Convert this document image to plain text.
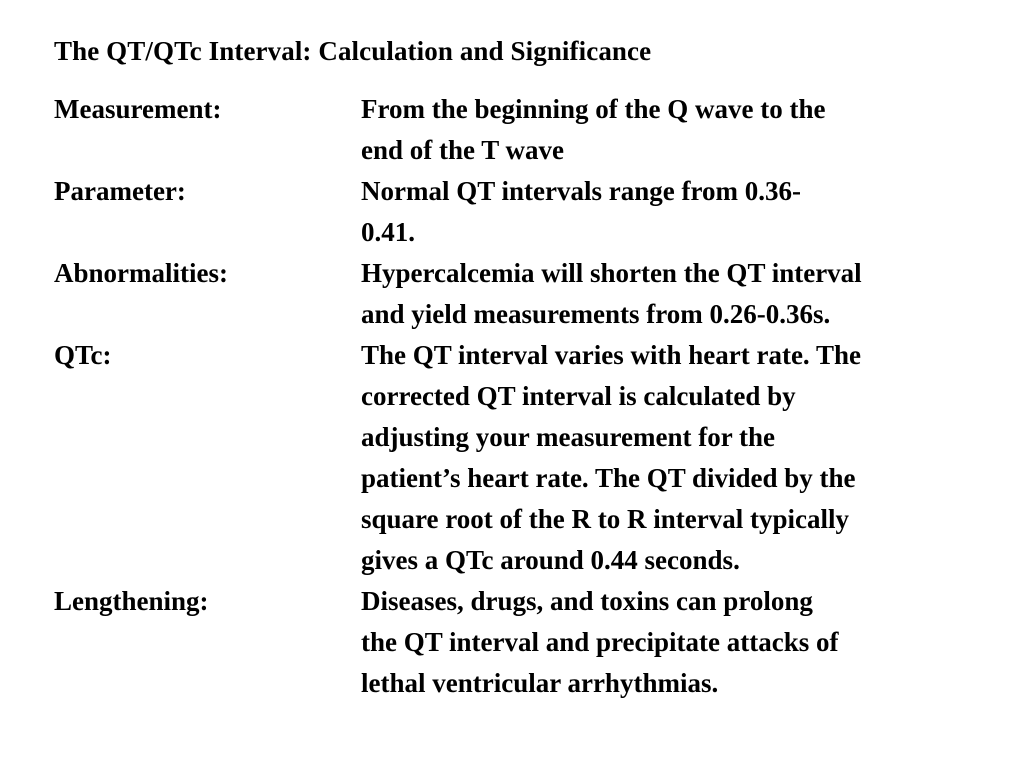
The QT/QTc Interval: Calculation and Significance
Measurement:	From the beginning of the Q wave to the
end of the T wave
Parameter:	Normal QT intervals range from 0.36-
0.41.
Abnormalities:	Hypercalcemia will shorten the QT interval
and yield measurements from 0.26-0.36s.
QTc:	The QT interval varies with heart rate. The
corrected QT interval is calculated by
adjusting your measurement for the
patient’s heart rate. The QT divided by the
square root of the R to R interval typically
gives a QTc around 0.44 seconds.
Lengthening:	Diseases, drugs, and toxins can prolong
the QT interval and precipitate attacks of
lethal ventricular arrhythmias.
